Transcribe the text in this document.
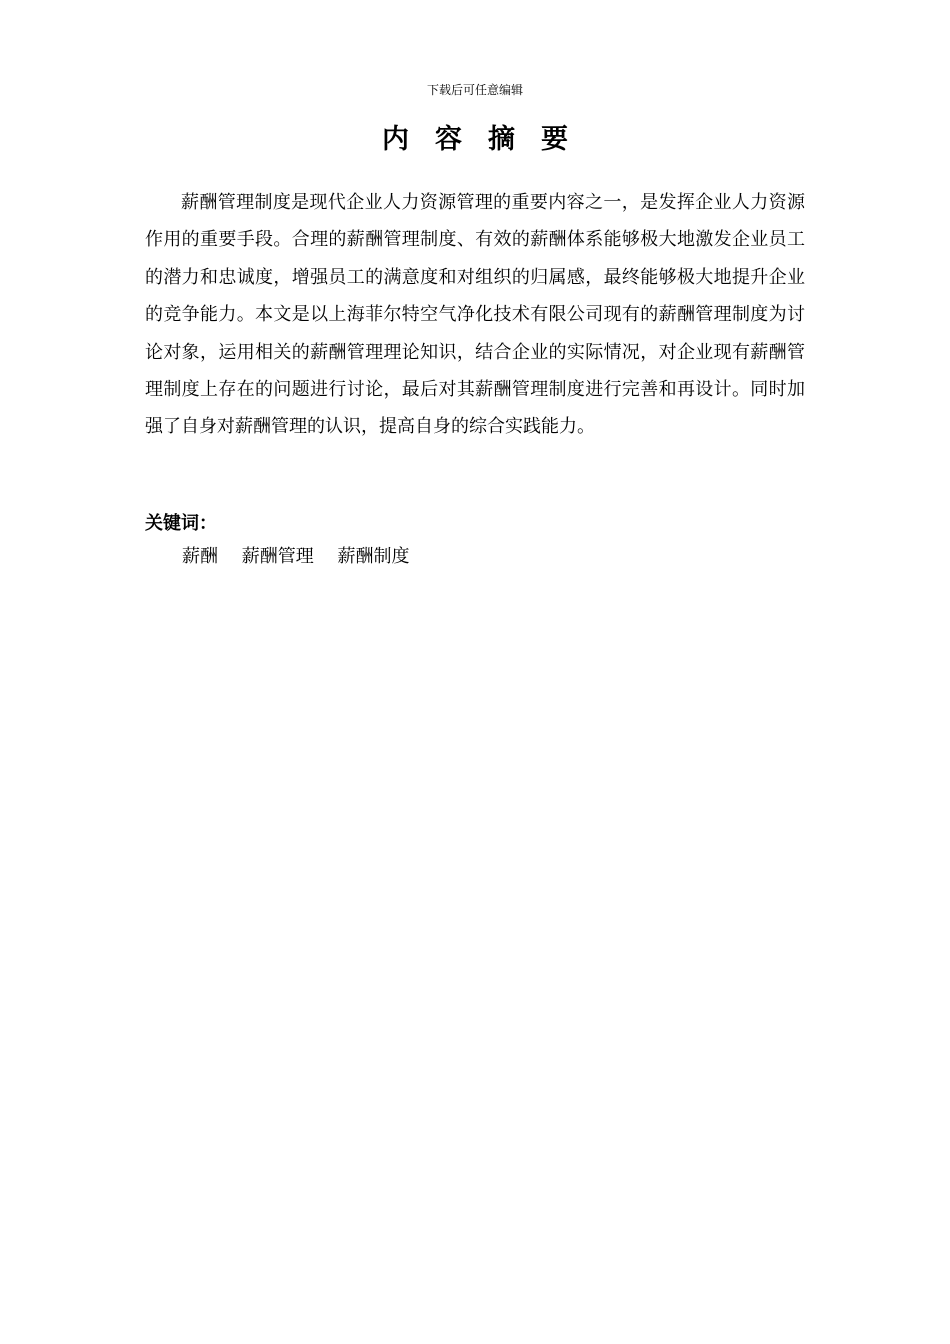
下载后可任意编辑
内容摘要

薪酬管理制度是现代企业人力资源管理的重要内容之一，是发挥企业人力资源作用的重要手段。合理的薪酬管理制度、有效的薪酬体系能够极大地激发企业员工的潜力和忠诚度，增强员工的满意度和对组织的归属感，最终能够极大地提升企业的竞争能力。本文是以上海菲尔特空气净化技术有限公司现有的薪酬管理制度为讨论对象，运用相关的薪酬管理理论知识，结合企业的实际情况，对企业现有薪酬管理制度上存在的问题进行讨论，最后对其薪酬管理制度进行完善和再设计。同时加强了自身对薪酬管理的认识，提高自身的综合实践能力。

关键词：
薪酬 薪酬管理 薪酬制度
